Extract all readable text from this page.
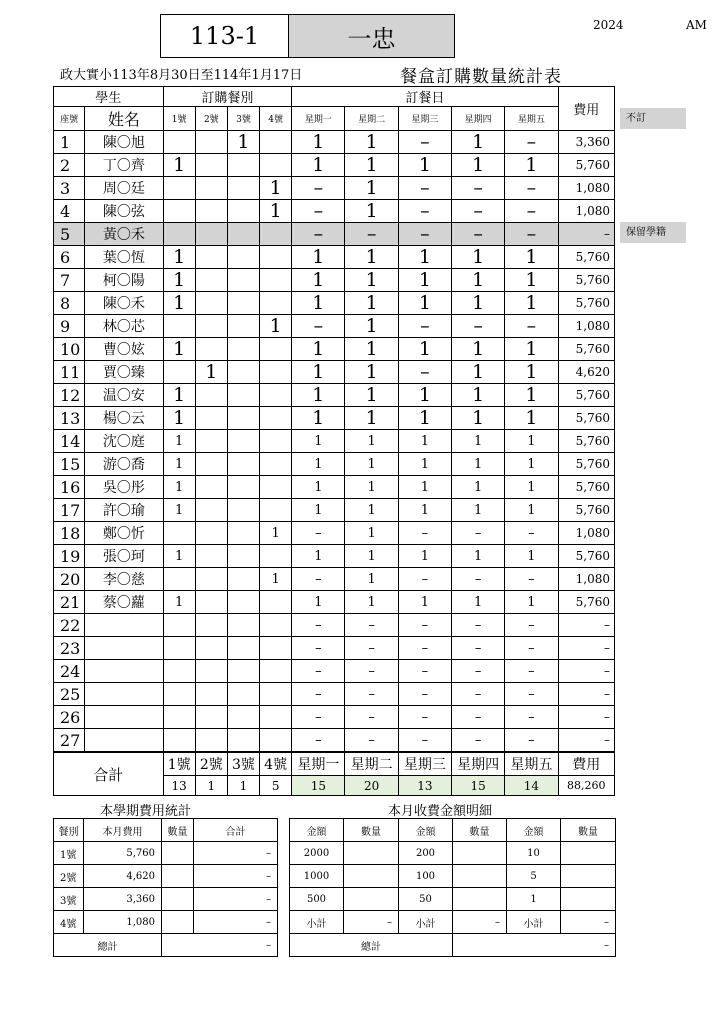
113-1	一忠	2024	AM
政大實小113年8月30日至114年1月17日	餐盒訂購數量統計表
學生		訂購餐別				訂餐日					費用
座號	姓名	1號	2號	3號	4號	星期一	星期二	星期三	星期四	星期五	
1	陳〇旭			1		1	1	–	1	–	3,360
2	丁〇齊	1				1	1	1	1	1	5,760
3	周〇廷				1	–	1	–	–	–	1,080
4	陳〇弦				1	–	1	–	–	–	1,080
5	黃〇禾					–	–	–	–	–	–
6	葉〇恆	1				1	1	1	1	1	5,760
7	柯〇陽	1				1	1	1	1	1	5,760
8	陳〇禾	1				1	1	1	1	1	5,760
9	林〇芯				1	–	1	–	–	–	1,080
10	曹〇妶	1				1	1	1	1	1	5,760
11	賈〇臻		1			1	1	–	1	1	4,620
12	温〇安	1				1	1	1	1	1	5,760
13	楊〇云	1				1	1	1	1	1	5,760
14	沈〇庭	1				1	1	1	1	1	5,760
15	游〇喬	1				1	1	1	1	1	5,760
16	吳〇彤	1				1	1	1	1	1	5,760
17	許〇瑜	1				1	1	1	1	1	5,760
18	鄭〇忻				1	–	1	–	–	–	1,080
19	張〇珂	1				1	1	1	1	1	5,760
20	李〇慈				1	–	1	–	–	–	1,080
21	蔡〇蘿	1				1	1	1	1	1	5,760
22						–	–	–	–	–	–
23						–	–	–	–	–	–
24						–	–	–	–	–	–
25						–	–	–	–	–	–
26						–	–	–	–	–	–
27						–	–	–	–	–	–
合計		1號	2號	3號	4號	星期一	星期二	星期三	星期四	星期五	費用
		13	1	1	5	15	20	13	15	14	88,260
不訂
保留學籍
本學期費用統計
餐別	本月費用	數量	合計
1號	5,760		–
2號	4,620		–
3號	3,360		–
4號	1,080		–
總計		–	
本月收費金額明細
金額	數量	金額	數量	金額	數量
2000		200		10	
1000		100		5	
500		50		1	
小計	–	小計	–	小計	–
總計			–		
